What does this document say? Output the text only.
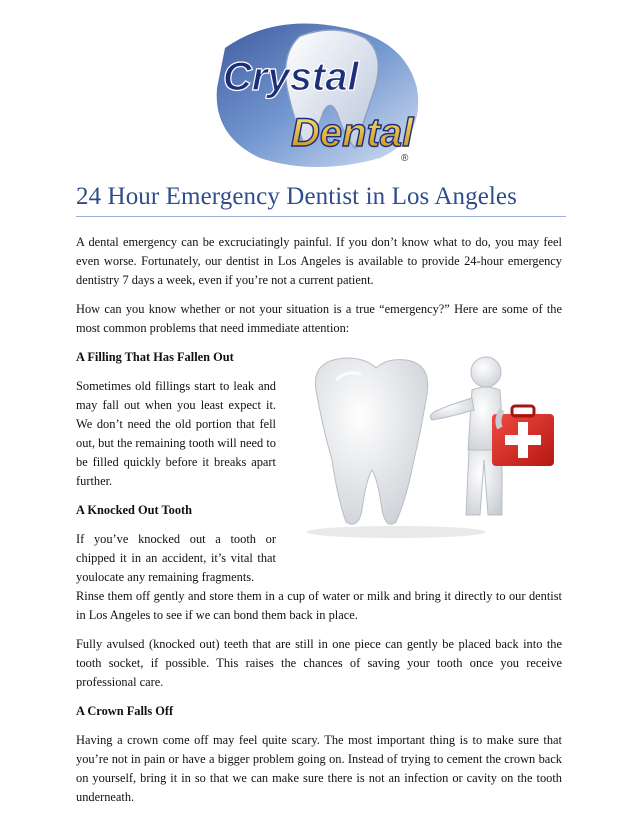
Crystal
Dental
®
24 Hour Emergency Dentist in Los Angeles

A dental emergency can be excruciatingly painful. If you don’t know what to do, you may feel even worse. Fortunately, our dentist in Los Angeles is available to provide 24-hour emergency dentistry 7 days a week, even if you’re not a current patient.

How can you know whether or not your situation is a true “emergency?” Here are some of the most common problems that need immediate attention:

A Filling That Has Fallen Out

Sometimes old fillings start to leak and may fall out when you least expect it. We don’t need the old portion that fell out, but the remaining tooth will need to be filled quickly before it breaks apart further.

A Knocked Out Tooth

If you’ve knocked out a tooth or chipped it in an accident, it’s vital that youlocate any remaining fragments.

Rinse them off gently and store them in a cup of water or milk and bring it directly to our dentist in Los Angeles to see if we can bond them back in place.

Fully avulsed (knocked out) teeth that are still in one piece can gently be placed back into the tooth socket, if possible. This raises the chances of saving your tooth once you receive professional care.

A Crown Falls Off

Having a crown come off may feel quite scary. The most important thing is to make sure that you’re not in pain or have a bigger problem going on. Instead of trying to cement the crown back on yourself, bring it in so that we can make sure there is not an infection or cavity on the tooth underneath.
